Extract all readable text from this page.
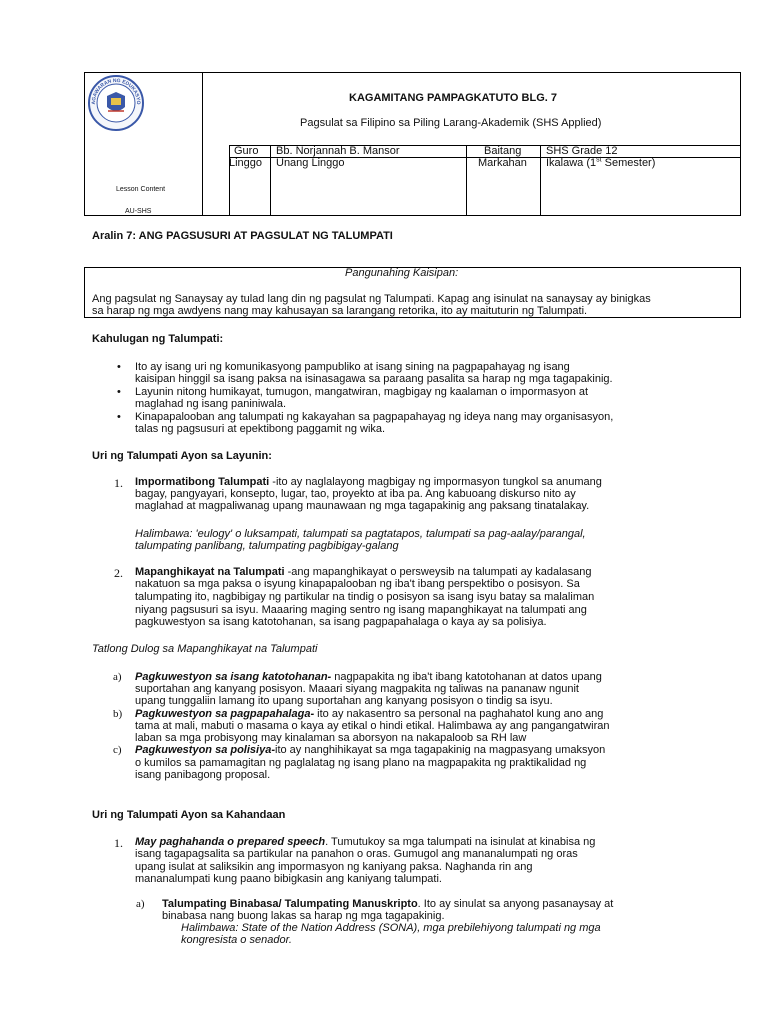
AGAWARAN NG EDUKASYO	KAGAMITANG PAMPAGKATUTO BLG. 7
Pagsulat sa Filipino sa Piling Larang-Akademik (SHS Applied)
Guro Bb. Norjannah B. Mansor	Baitang SHS Grade 12
Linggo Unang Linggo	Markahan Ikalawa (1st Semester)
Lesson Content
AU-SHS
Aralin 7: ANG PAGSUSURI AT PAGSULAT NG TALUMPATI
Pangunahing Kaisipan:
Ang pagsulat ng Sanaysay ay tulad lang din ng pagsulat ng Talumpati. Kapag ang isinulat na sanaysay ay binigkas
sa harap ng mga awdyens nang may kahusayan sa larangang retorika, ito ay maituturin ng Talumpati.
Kahulugan ng Talumpati:
• Ito ay isang uri ng komunikasyong pampubliko at isang sining na pagpapahayag ng isang
kaisipan hinggil sa isang paksa na isinasagawa sa paraang pasalita sa harap ng mga tagapakinig.
• Layunin nitong humikayat, tumugon, mangatwiran, magbigay ng kaalaman o impormasyon at
maglahad ng isang paniniwala.
• Kinapapalooban ang talumpati ng kakayahan sa pagpapahayag ng ideya nang may organisasyon,
talas ng pagsusuri at epektibong paggamit ng wika.
Uri ng Talumpati Ayon sa Layunin:
1. Impormatibong Talumpati -ito ay naglalayong magbigay ng impormasyon tungkol sa anumang
bagay, pangyayari, konsepto, lugar, tao, proyekto at iba pa. Ang kabuoang diskurso nito ay
maglahad at magpaliwanag upang maunawaan ng mga tagapakinig ang paksang tinatalakay.
Halimbawa: 'eulogy' o luksampati, talumpati sa pagtatapos, talumpati sa pag-aalay/parangal,
talumpating panlibang, talumpating pagbibigay-galang
2. Mapanghikayat na Talumpati -ang mapanghikayat o persweysib na talumpati ay kadalasang
nakatuon sa mga paksa o isyung kinapapalooban ng iba't ibang perspektibo o posisyon. Sa
talumpating ito, nagbibigay ng partikular na tindig o posisyon sa isang isyu batay sa malaliman
niyang pagsusuri sa isyu. Maaaring maging sentro ng isang mapanghikayat na talumpati ang
pagkuwestyon sa isang katotohanan, sa isang pagpapahalaga o kaya ay sa polisiya.
Tatlong Dulog sa Mapanghikayat na Talumpati
a) Pagkuwestyon sa isang katotohanan- nagpapakita ng iba't ibang katotohanan at datos upang
suportahan ang kanyang posisyon. Maaari siyang magpakita ng taliwas na pananaw ngunit
upang tunggaliin lamang ito upang suportahan ang kanyang posisyon o tindig sa isyu.
b) Pagkuwestyon sa pagpapahalaga- ito ay nakasentro sa personal na paghahatol kung ano ang
tama at mali, mabuti o masama o kaya ay etikal o hindi etikal. Halimbawa ay ang pangangatwiran
laban sa mga probisyong may kinalaman sa aborsyon na nakapaloob sa RH law
c) Pagkuwestyon sa polisiya-ito ay nanghihikayat sa mga tagapakinig na magpasyang umaksyon
o kumilos sa pamamagitan ng paglalatag ng isang plano na magpapakita ng praktikalidad ng
isang panibagong proposal.
Uri ng Talumpati Ayon sa Kahandaan
1. May paghahanda o prepared speech. Tumutukoy sa mga talumpati na isinulat at kinabisa ng
isang tagapagsalita sa partikular na panahon o oras. Gumugol ang mananalumpati ng oras
upang isulat at saliksikin ang impormasyon ng kaniyang paksa. Naghanda rin ang
mananalumpati kung paano bibigkasin ang kaniyang talumpati.
a) Talumpating Binabasa/ Talumpating Manuskripto. Ito ay sinulat sa anyong pasanaysay at
binabasa nang buong lakas sa harap ng mga tagapakinig.
Halimbawa: State of the Nation Address (SONA), mga prebilehiyong talumpati ng mga
kongresista o senador.
